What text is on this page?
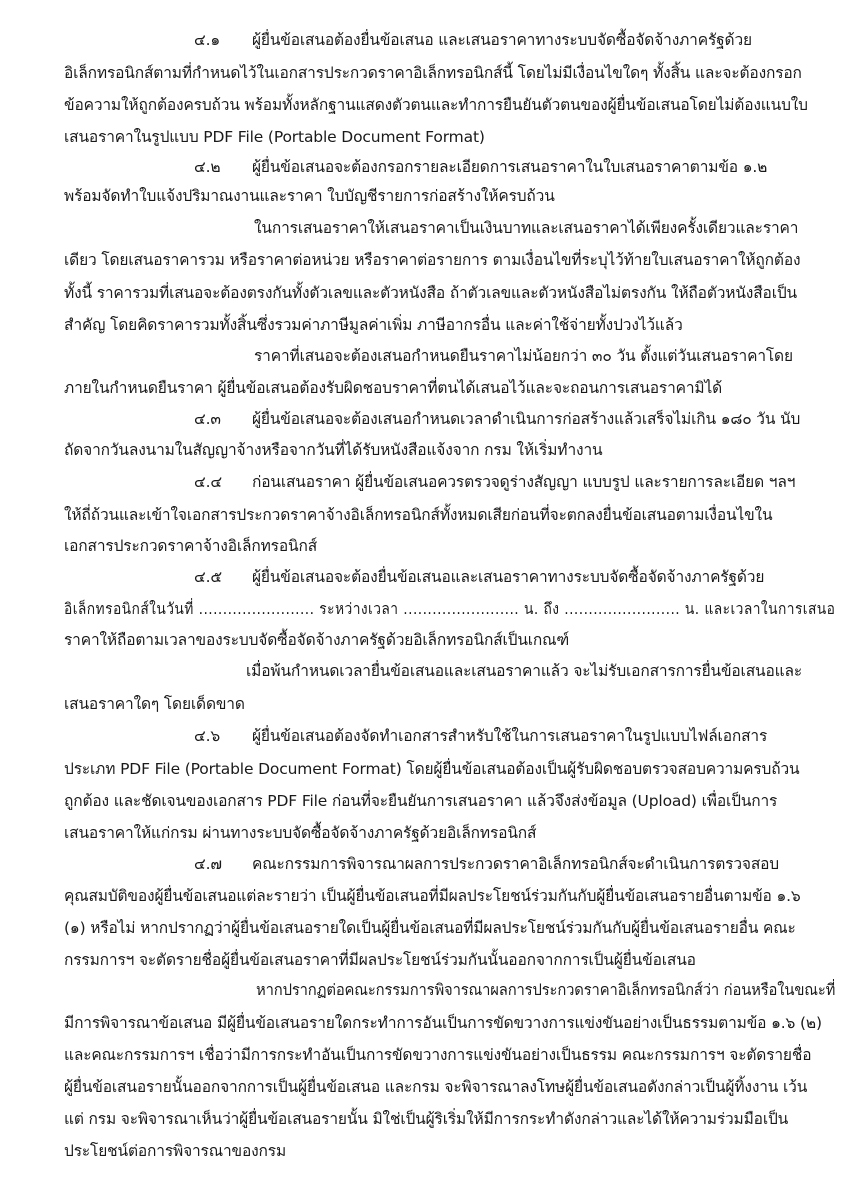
๔.๑ ผู้ยื่นข้อเสนอต้องยื่นข้อเสนอ และเสนอราคาทางระบบจัดซื้อจัดจ้างภาครัฐด้วย
อิเล็กทรอนิกส์ตามที่กำหนดไว้ในเอกสารประกวดราคาอิเล็กทรอนิกส์นี้ โดยไม่มีเงื่อนไขใดๆ ทั้งสิ้น และจะต้องกรอก
ข้อความให้ถูกต้องครบถ้วน พร้อมทั้งหลักฐานแสดงตัวตนและทำการยืนยันตัวตนของผู้ยื่นข้อเสนอโดยไม่ต้องแนบใบ
เสนอราคาในรูปแบบ PDF File (Portable Document Format)
๔.๒ ผู้ยื่นข้อเสนอจะต้องกรอกรายละเอียดการเสนอราคาในใบเสนอราคาตามข้อ ๑.๒
พร้อมจัดทำใบแจ้งปริมาณงานและราคา ใบบัญชีรายการก่อสร้างให้ครบถ้วน
ในการเสนอราคาให้เสนอราคาเป็นเงินบาทและเสนอราคาได้เพียงครั้งเดียวและราคา
เดียว โดยเสนอราคารวม หรือราคาต่อหน่วย หรือราคาต่อรายการ ตามเงื่อนไขที่ระบุไว้ท้ายใบเสนอราคาให้ถูกต้อง
ทั้งนี้ ราคารวมที่เสนอจะต้องตรงกันทั้งตัวเลขและตัวหนังสือ ถ้าตัวเลขและตัวหนังสือไม่ตรงกัน ให้ถือตัวหนังสือเป็น
สำคัญ โดยคิดราคารวมทั้งสิ้นซึ่งรวมค่าภาษีมูลค่าเพิ่ม ภาษีอากรอื่น และค่าใช้จ่ายทั้งปวงไว้แล้ว
ราคาที่เสนอจะต้องเสนอกำหนดยืนราคาไม่น้อยกว่า ๓๐ วัน ตั้งแต่วันเสนอราคาโดย
ภายในกำหนดยืนราคา ผู้ยื่นข้อเสนอต้องรับผิดชอบราคาที่ตนได้เสนอไว้และจะถอนการเสนอราคามิได้
๔.๓ ผู้ยื่นข้อเสนอจะต้องเสนอกำหนดเวลาดำเนินการก่อสร้างแล้วเสร็จไม่เกิน ๑๘๐ วัน นับ
ถัดจากวันลงนามในสัญญาจ้างหรือจากวันที่ได้รับหนังสือแจ้งจาก กรม ให้เริ่มทำงาน
๔.๔ ก่อนเสนอราคา ผู้ยื่นข้อเสนอควรตรวจดูร่างสัญญา แบบรูป และรายการละเอียด ฯลฯ
ให้ถี่ถ้วนและเข้าใจเอกสารประกวดราคาจ้างอิเล็กทรอนิกส์ทั้งหมดเสียก่อนที่จะตกลงยื่นข้อเสนอตามเงื่อนไขใน
เอกสารประกวดราคาจ้างอิเล็กทรอนิกส์
๔.๕ ผู้ยื่นข้อเสนอจะต้องยื่นข้อเสนอและเสนอราคาทางระบบจัดซื้อจัดจ้างภาครัฐด้วย
อิเล็กทรอนิกส์ในวันที่ ........................ ระหว่างเวลา ........................ น. ถึง ........................ น. และเวลาในการเสนอ
ราคาให้ถือตามเวลาของระบบจัดซื้อจัดจ้างภาครัฐด้วยอิเล็กทรอนิกส์เป็นเกณฑ์
เมื่อพ้นกำหนดเวลายื่นข้อเสนอและเสนอราคาแล้ว จะไม่รับเอกสารการยื่นข้อเสนอและ
เสนอราคาใดๆ โดยเด็ดขาด
๔.๖ ผู้ยื่นข้อเสนอต้องจัดทำเอกสารสำหรับใช้ในการเสนอราคาในรูปแบบไฟล์เอกสาร
ประเภท PDF File (Portable Document Format) โดยผู้ยื่นข้อเสนอต้องเป็นผู้รับผิดชอบตรวจสอบความครบถ้วน
ถูกต้อง และชัดเจนของเอกสาร PDF File ก่อนที่จะยืนยันการเสนอราคา แล้วจึงส่งข้อมูล (Upload) เพื่อเป็นการ
เสนอราคาให้แก่กรม ผ่านทางระบบจัดซื้อจัดจ้างภาครัฐด้วยอิเล็กทรอนิกส์
๔.๗ คณะกรรมการพิจารณาผลการประกวดราคาอิเล็กทรอนิกส์จะดำเนินการตรวจสอบ
คุณสมบัติของผู้ยื่นข้อเสนอแต่ละรายว่า เป็นผู้ยื่นข้อเสนอที่มีผลประโยชน์ร่วมกันกับผู้ยื่นข้อเสนอรายอื่นตามข้อ ๑.๖
(๑) หรือไม่ หากปรากฏว่าผู้ยื่นข้อเสนอรายใดเป็นผู้ยื่นข้อเสนอที่มีผลประโยชน์ร่วมกันกับผู้ยื่นข้อเสนอรายอื่น คณะ
กรรมการฯ จะตัดรายชื่อผู้ยื่นข้อเสนอราคาที่มีผลประโยชน์ร่วมกันนั้นออกจากการเป็นผู้ยื่นข้อเสนอ
หากปรากฏต่อคณะกรรมการพิจารณาผลการประกวดราคาอิเล็กทรอนิกส์ว่า ก่อนหรือในขณะที่
มีการพิจารณาข้อเสนอ มีผู้ยื่นข้อเสนอรายใดกระทำการอันเป็นการขัดขวางการแข่งขันอย่างเป็นธรรมตามข้อ ๑.๖ (๒)
และคณะกรรมการฯ เชื่อว่ามีการกระทำอันเป็นการขัดขวางการแข่งขันอย่างเป็นธรรม คณะกรรมการฯ จะตัดรายชื่อ
ผู้ยื่นข้อเสนอรายนั้นออกจากการเป็นผู้ยื่นข้อเสนอ และกรม จะพิจารณาลงโทษผู้ยื่นข้อเสนอดังกล่าวเป็นผู้ทิ้งงาน เว้น
แต่ กรม จะพิจารณาเห็นว่าผู้ยื่นข้อเสนอรายนั้น มิใช่เป็นผู้ริเริ่มให้มีการกระทำดังกล่าวและได้ให้ความร่วมมือเป็น
ประโยชน์ต่อการพิจารณาของกรม
